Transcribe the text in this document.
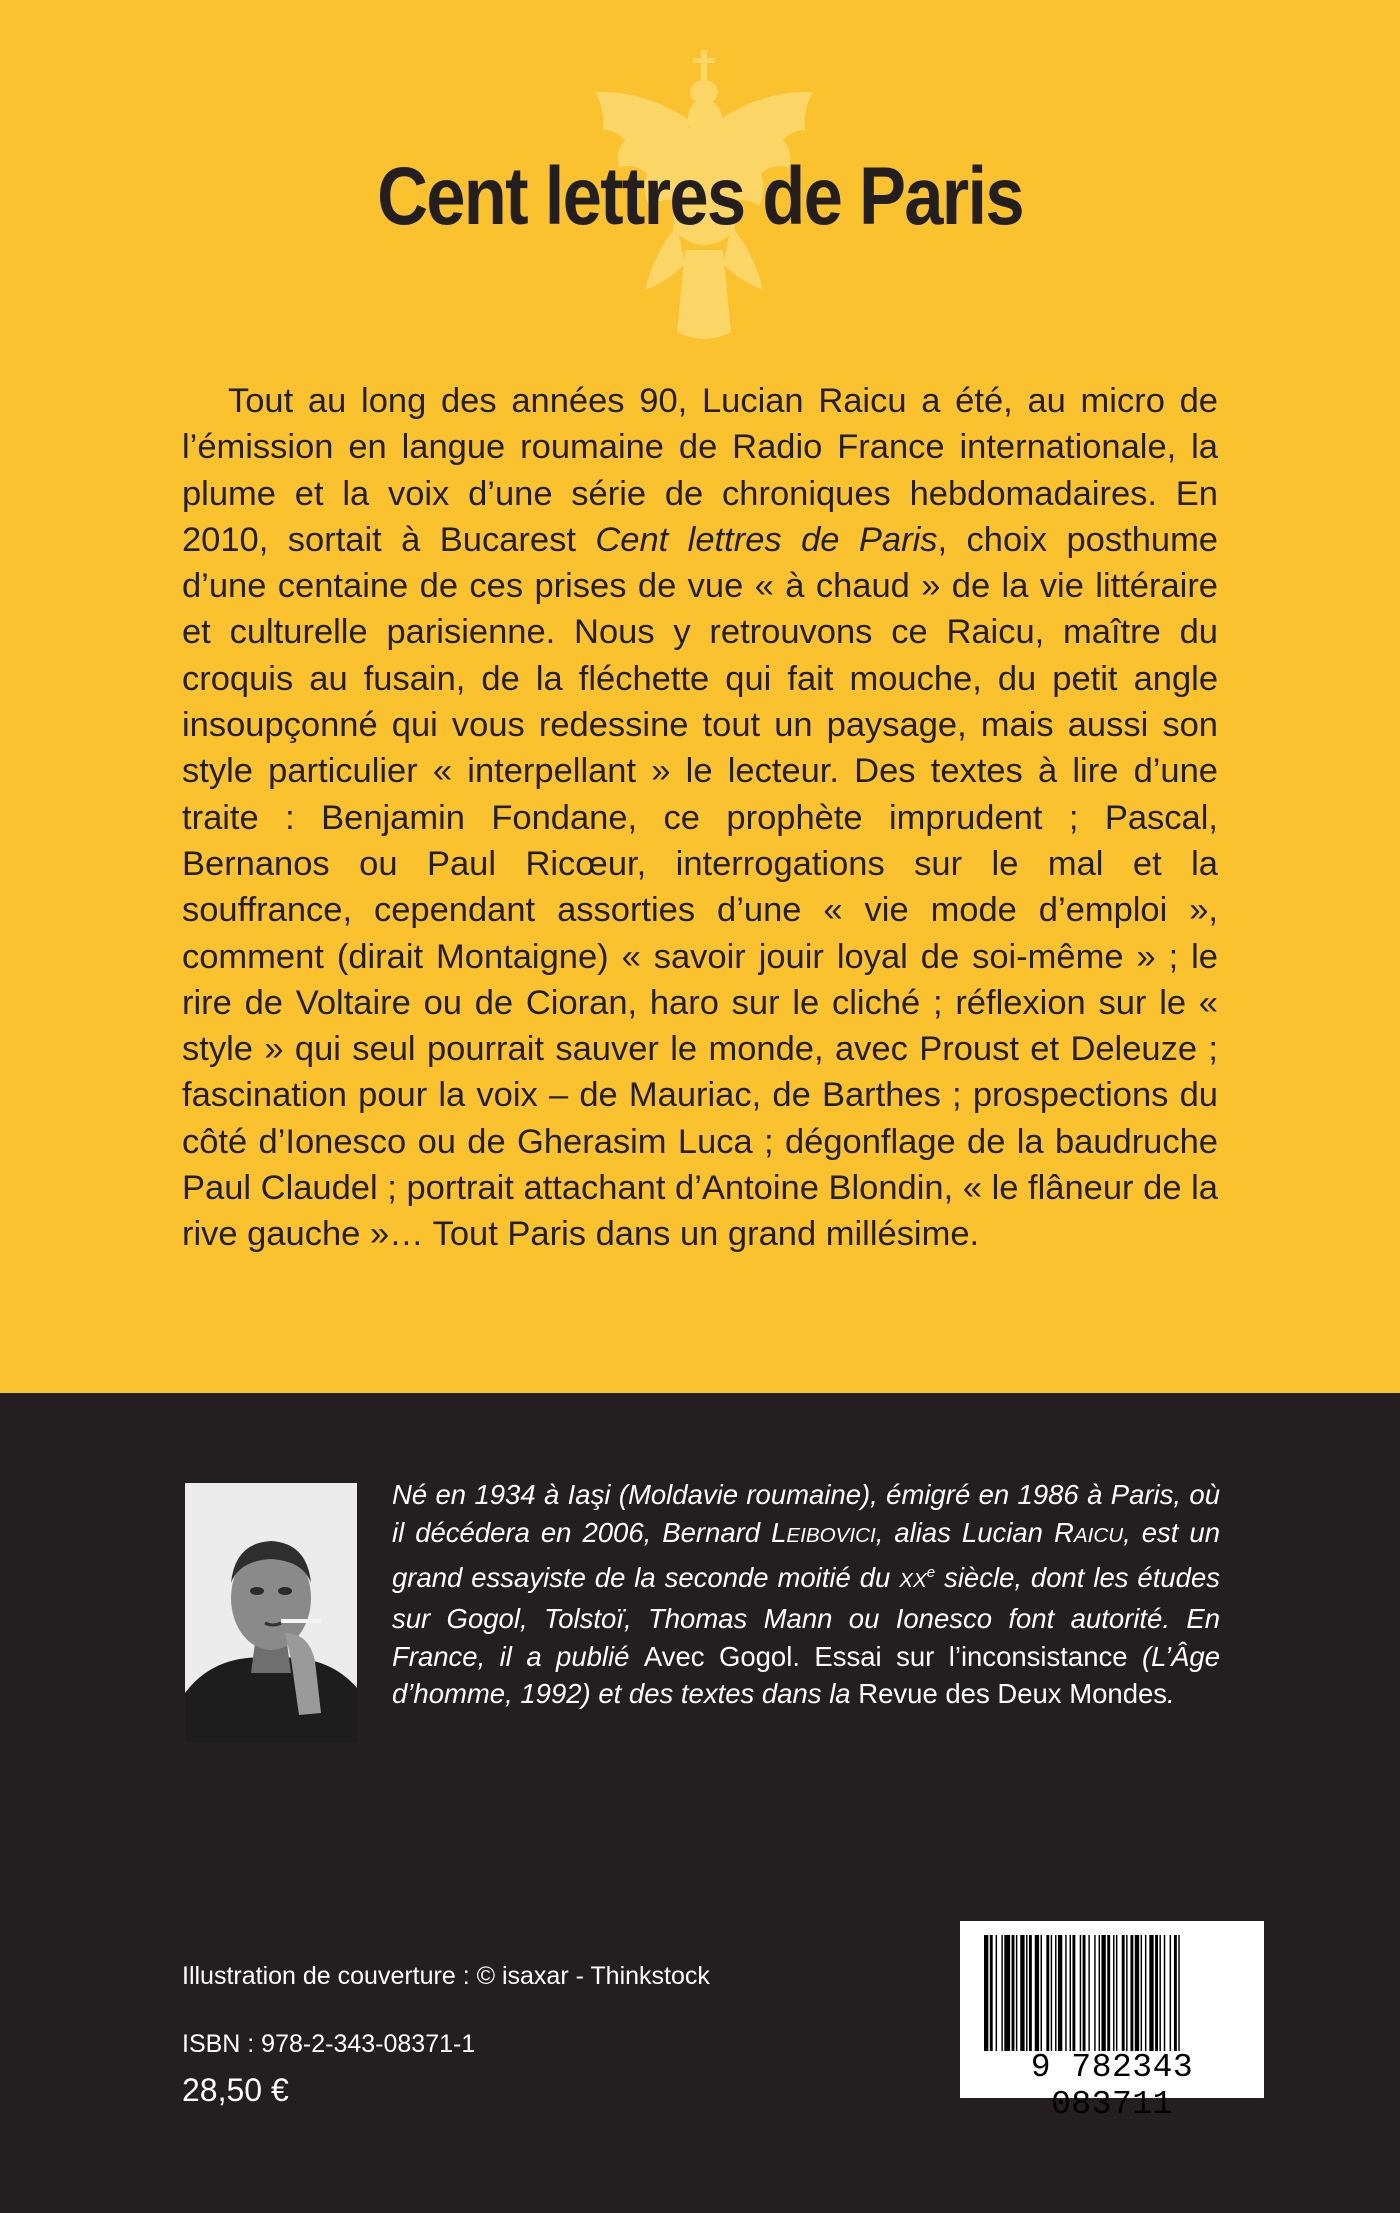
Cent lettres de Paris

Tout au long des années 90, Lucian Raicu a été, au micro de l’émission en langue roumaine de Radio France internationale, la plume et la voix d’une série de chroniques hebdomadaires. En 2010, sortait à Bucarest Cent lettres de Paris, choix posthume d’une centaine de ces prises de vue « à chaud » de la vie littéraire et culturelle parisienne. Nous y retrouvons ce Raicu, maître du croquis au fusain, de la fléchette qui fait mouche, du petit angle insoupçonné qui vous redessine tout un paysage, mais aussi son style particulier « interpellant » le lecteur. Des textes à lire d’une traite : Benjamin Fondane, ce prophète imprudent ; Pascal, Bernanos ou Paul Ricœur, interrogations sur le mal et la souffrance, cependant assorties d’une « vie mode d’emploi », comment (dirait Montaigne) « savoir jouir loyal de soi-même » ; le rire de Voltaire ou de Cioran, haro sur le cliché ; réflexion sur le « style » qui seul pourrait sauver le monde, avec Proust et Deleuze ; fascination pour la voix – de Mauriac, de Barthes ; prospections du côté d’Ionesco ou de Gherasim Luca ; dégonflage de la baudruche Paul Claudel ; portrait attachant d’Antoine Blondin, « le flâneur de la rive gauche »… Tout Paris dans un grand millésime.

Né en 1934 à Iaşi (Moldavie roumaine), émigré en 1986 à Paris, où il décédera en 2006, Bernard LEIBOVICI, alias Lucian RAICU, est un grand essayiste de la seconde moitié du XXe siècle, dont les études sur Gogol, Tolstoï, Thomas Mann ou Ionesco font autorité. En France, il a publié Avec Gogol. Essai sur l’inconsistance (L’Âge d’homme, 1992) et des textes dans la Revue des Deux Mondes.

Illustration de couverture : © isaxar - Thinkstock

ISBN : 978-2-343-08371-1

28,50 €

9 782343 083711
